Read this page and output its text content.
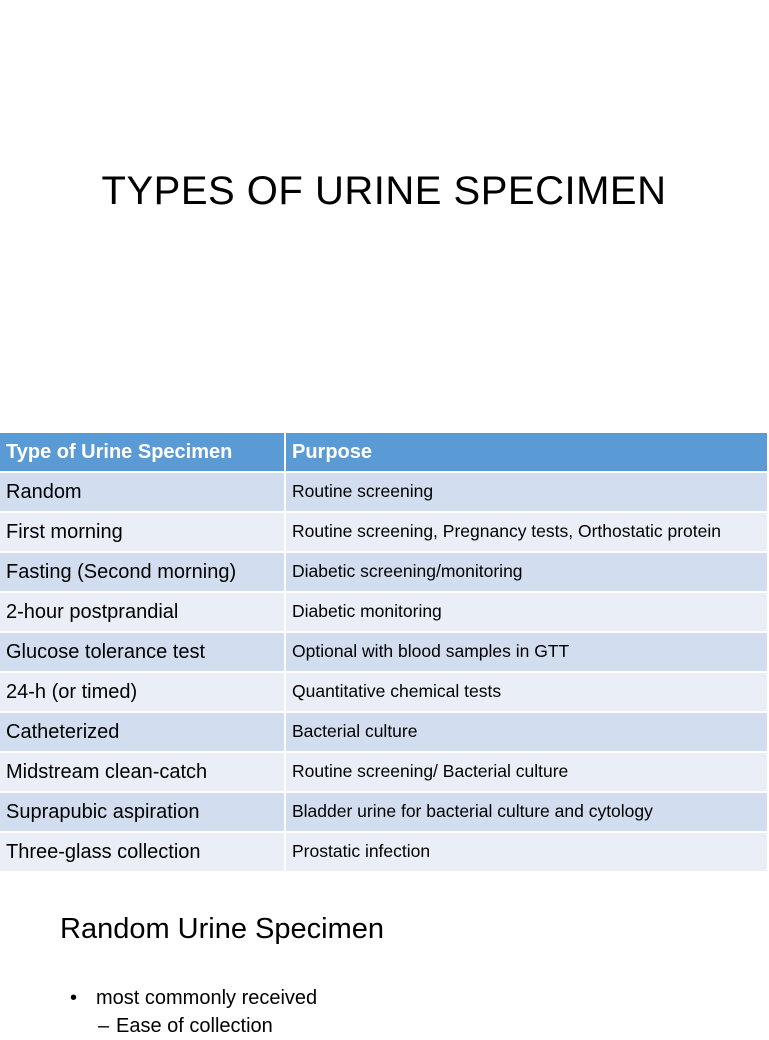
TYPES OF URINE SPECIMEN
Type of Urine Specimen	Purpose
Random	Routine screening
First morning	Routine screening, Pregnancy tests, Orthostatic protein
Fasting (Second morning)	Diabetic screening/monitoring
2-hour postprandial	Diabetic monitoring
Glucose tolerance test	Optional with blood samples in GTT
24-h (or timed)	Quantitative chemical tests
Catheterized	Bacterial culture
Midstream clean-catch	Routine screening/ Bacterial culture
Suprapubic aspiration	Bladder urine for bacterial culture and cytology
Three-glass collection	Prostatic infection
Random Urine Specimen
• most commonly received
– Ease of collection
